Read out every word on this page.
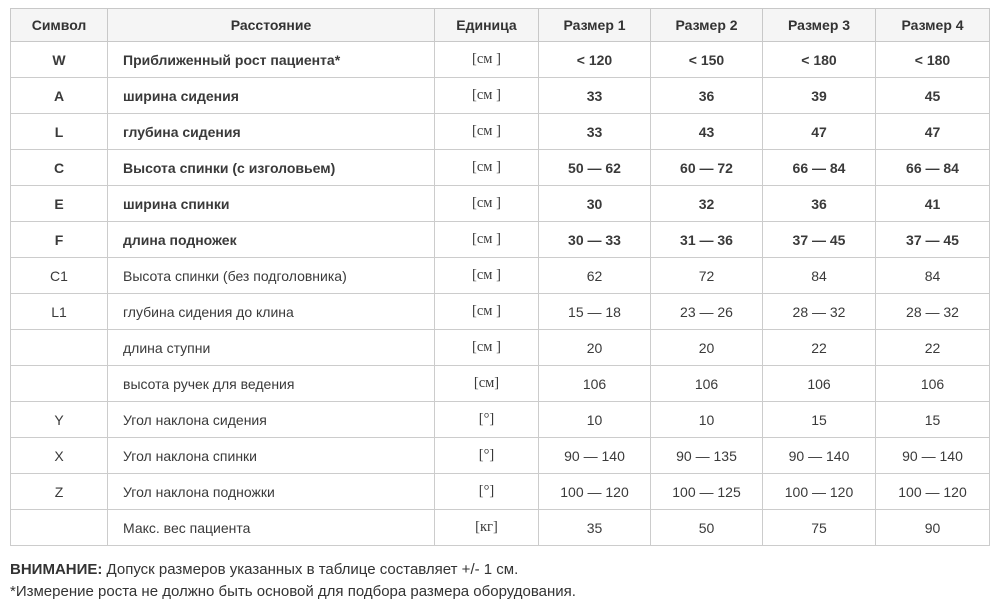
Символ	Расстояние	Единица	Размер 1	Размер 2	Размер 3	Размер 4
W	Приближенный рост пациента*	[см ]	< 120	< 150	< 180	< 180
A	ширина сидения	[см ]	33	36	39	45
L	глубина сидения	[см ]	33	43	47	47
C	Высота спинки (с изголовьем)	[см ]	50 — 62	60 — 72	66 — 84	66 — 84
E	ширина спинки	[см ]	30	32	36	41
F	длина подножек	[см ]	30 — 33	31 — 36	37 — 45	37 — 45
C1	Высота спинки (без подголовника)	[см ]	62	72	84	84
L1	глубина сидения до клина	[см ]	15 — 18	23 — 26	28 — 32	28 — 32
	длина ступни	[см ]	20	20	22	22
	высота ручек для ведения	[см]	106	106	106	106
Y	Угол наклона сидения	[°]	10	10	15	15
X	Угол наклона спинки	[°]	90 — 140	90 — 135	90 — 140	90 — 140
Z	Угол наклона подножки	[°]	100 — 120	100 — 125	100 — 120	100 — 120
	Макс. вес пациента	[кг]	35	50	75	90
ВНИМАНИЕ: Допуск размеров указанных в таблице составляет +/- 1 см.
*Измерение роста не должно быть основой для подбора размера оборудования.
